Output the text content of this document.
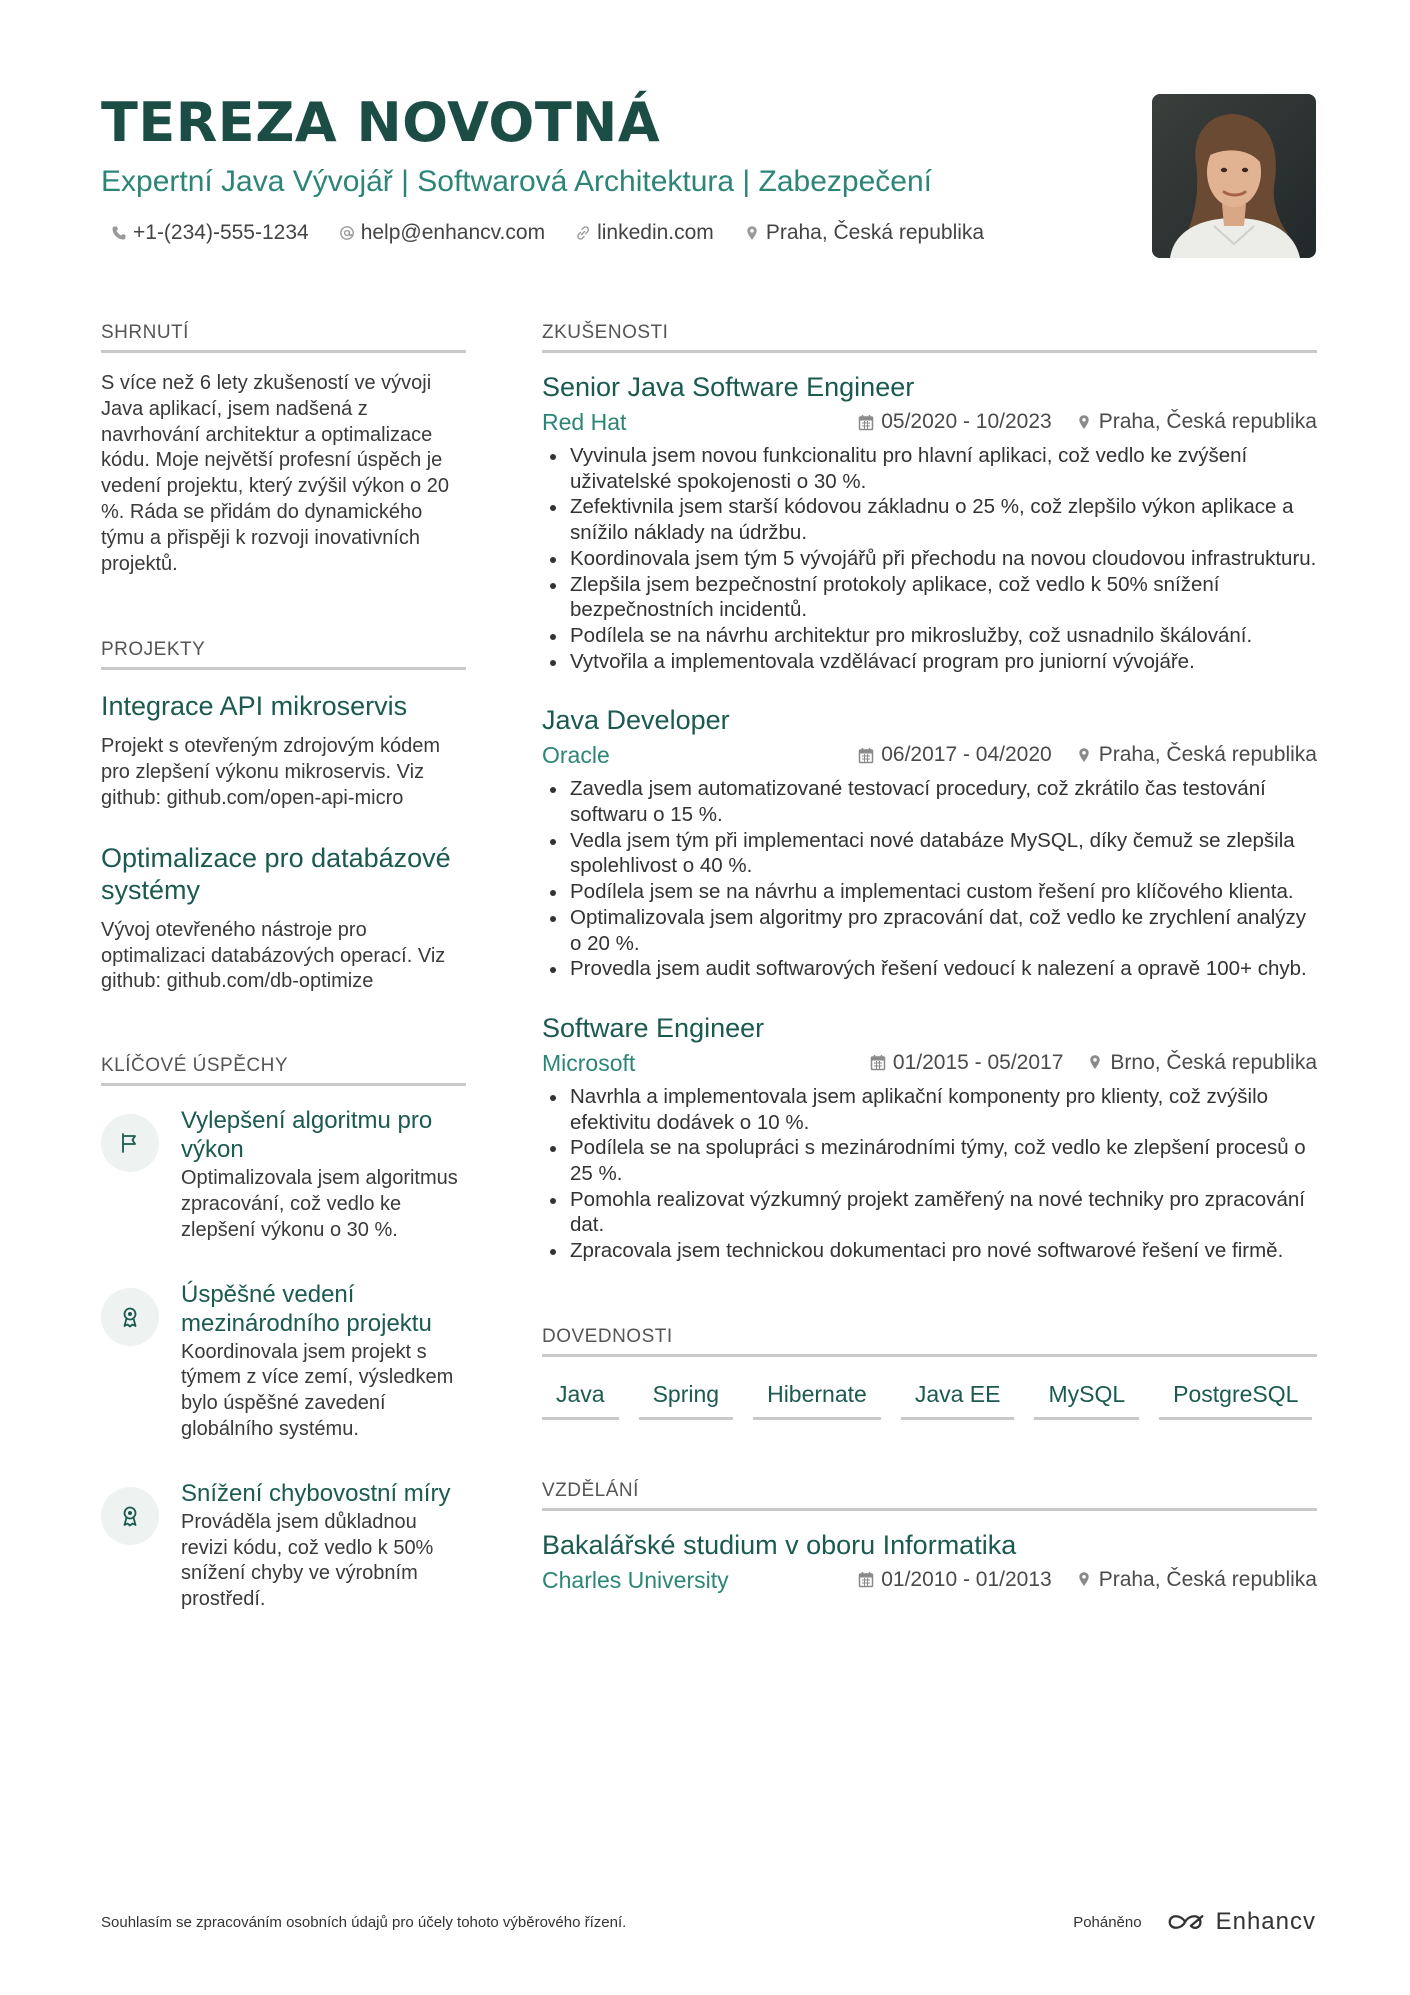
TEREZA NOVOTNÁ
Expertní Java Vývojář | Softwarová Architektura | Zabezpečení
+1-(234)-555-1234 help@enhancv.com linkedin.com Praha, Česká republika
SHRNUTÍ
S více než 6 lety zkušeností ve vývoji Java aplikací, jsem nadšená z navrhování architektur a optimalizace kódu. Moje největší profesní úspěch je vedení projektu, který zvýšil výkon o 20 %. Ráda se přidám do dynamického týmu a přispěji k rozvoji inovativních projektů.
PROJEKTY
Integrace API mikroservis
Projekt s otevřeným zdrojovým kódem pro zlepšení výkonu mikroservis. Viz github: github.com/open-api-micro
Optimalizace pro databázové systémy
Vývoj otevřeného nástroje pro optimalizaci databázových operací. Viz github: github.com/db-optimize
KLÍČOVÉ ÚSPĚCHY
Vylepšení algoritmu pro výkon
Optimalizovala jsem algoritmus zpracování, což vedlo ke zlepšení výkonu o 30 %.
Úspěšné vedení mezinárodního projektu
Koordinovala jsem projekt s týmem z více zemí, výsledkem bylo úspěšné zavedení globálního systému.
Snížení chybovostní míry
Prováděla jsem důkladnou revizi kódu, což vedlo k 50% snížení chyby ve výrobním prostředí.
ZKUŠENOSTI
Senior Java Software Engineer
Red Hat	05/2020 - 10/2023 Praha, Česká republika
Vyvinula jsem novou funkcionalitu pro hlavní aplikaci, což vedlo ke zvýšení uživatelské spokojenosti o 30 %.
Zefektivnila jsem starší kódovou základnu o 25 %, což zlepšilo výkon aplikace a snížilo náklady na údržbu.
Koordinovala jsem tým 5 vývojářů při přechodu na novou cloudovou infrastrukturu.
Zlepšila jsem bezpečnostní protokoly aplikace, což vedlo k 50% snížení bezpečnostních incidentů.
Podílela se na návrhu architektur pro mikroslužby, což usnadnilo škálování.
Vytvořila a implementovala vzdělávací program pro juniorní vývojáře.
Java Developer
Oracle	06/2017 - 04/2020 Praha, Česká republika
Zavedla jsem automatizované testovací procedury, což zkrátilo čas testování softwaru o 15 %.
Vedla jsem tým při implementaci nové databáze MySQL, díky čemuž se zlepšila spolehlivost o 40 %.
Podílela jsem se na návrhu a implementaci custom řešení pro klíčového klienta.
Optimalizovala jsem algoritmy pro zpracování dat, což vedlo ke zrychlení analýzy o 20 %.
Provedla jsem audit softwarových řešení vedoucí k nalezení a opravě 100+ chyb.
Software Engineer
Microsoft	01/2015 - 05/2017 Brno, Česká republika
Navrhla a implementovala jsem aplikační komponenty pro klienty, což zvýšilo efektivitu dodávek o 10 %.
Podílela se na spolupráci s mezinárodními týmy, což vedlo ke zlepšení procesů o 25 %.
Pomohla realizovat výzkumný projekt zaměřený na nové techniky pro zpracování dat.
Zpracovala jsem technickou dokumentaci pro nové softwarové řešení ve firmě.
DOVEDNOSTI
Java	Spring	Hibernate	Java EE	MySQL	PostgreSQL
VZDĚLÁNÍ
Bakalářské studium v oboru Informatika
Charles University	01/2010 - 01/2013 Praha, Česká republika
Souhlasím se zpracováním osobních údajů pro účely tohoto výběrového řízení.	Poháněno	Enhancv
